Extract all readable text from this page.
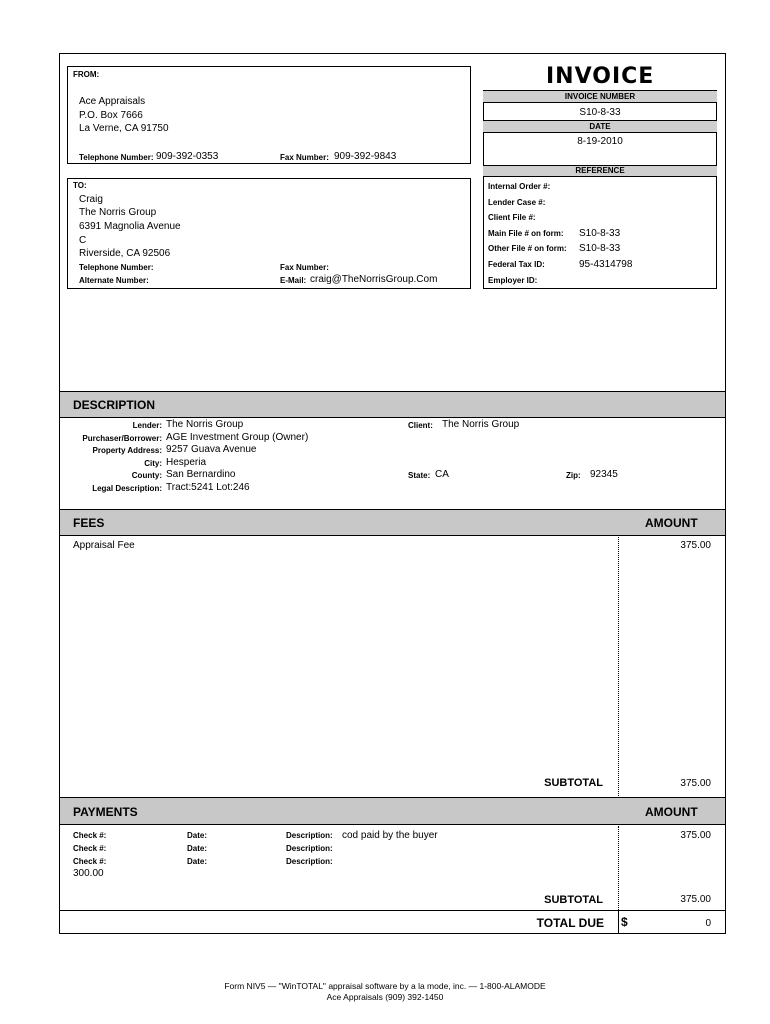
INVOICE
FROM:
Ace Appraisals
P.O. Box 7666
La Verne, CA 91750
Telephone Number: 909-392-0353	Fax Number: 909-392-9843
INVOICE NUMBER
S10-8-33
DATE
8-19-2010
REFERENCE
Internal Order #:
Lender Case #:
Client File #:
Main File # on form: S10-8-33
Other File # on form: S10-8-33
Federal Tax ID:	95-4314798
Employer ID:
TO:
Craig
The Norris Group
6391 Magnolia Avenue
C
Riverside, CA 92506
Telephone Number:	Fax Number:
Alternate Number:	E-Mail: craig@TheNorrisGroup.Com
DESCRIPTION
Lender: The Norris Group	Client: The Norris Group
Purchaser/Borrower: AGE Investment Group (Owner)
Property Address: 9257 Guava Avenue
City: Hesperia
County: San Bernardino	State: CA	Zip: 92345
Legal Description: Tract:5241 Lot:246
FEES	AMOUNT
Appraisal Fee	375.00
SUBTOTAL	375.00
PAYMENTS	AMOUNT
Check #:	Date:	Description: cod paid by the buyer	375.00
Check #:	Date:	Description:
Check #:	Date:	Description:
300.00
SUBTOTAL	375.00
TOTAL DUE $	0
Form NIV5 — "WinTOTAL" appraisal software by a la mode, inc. — 1-800-ALAMODE
Ace Appraisals (909) 392-1450
